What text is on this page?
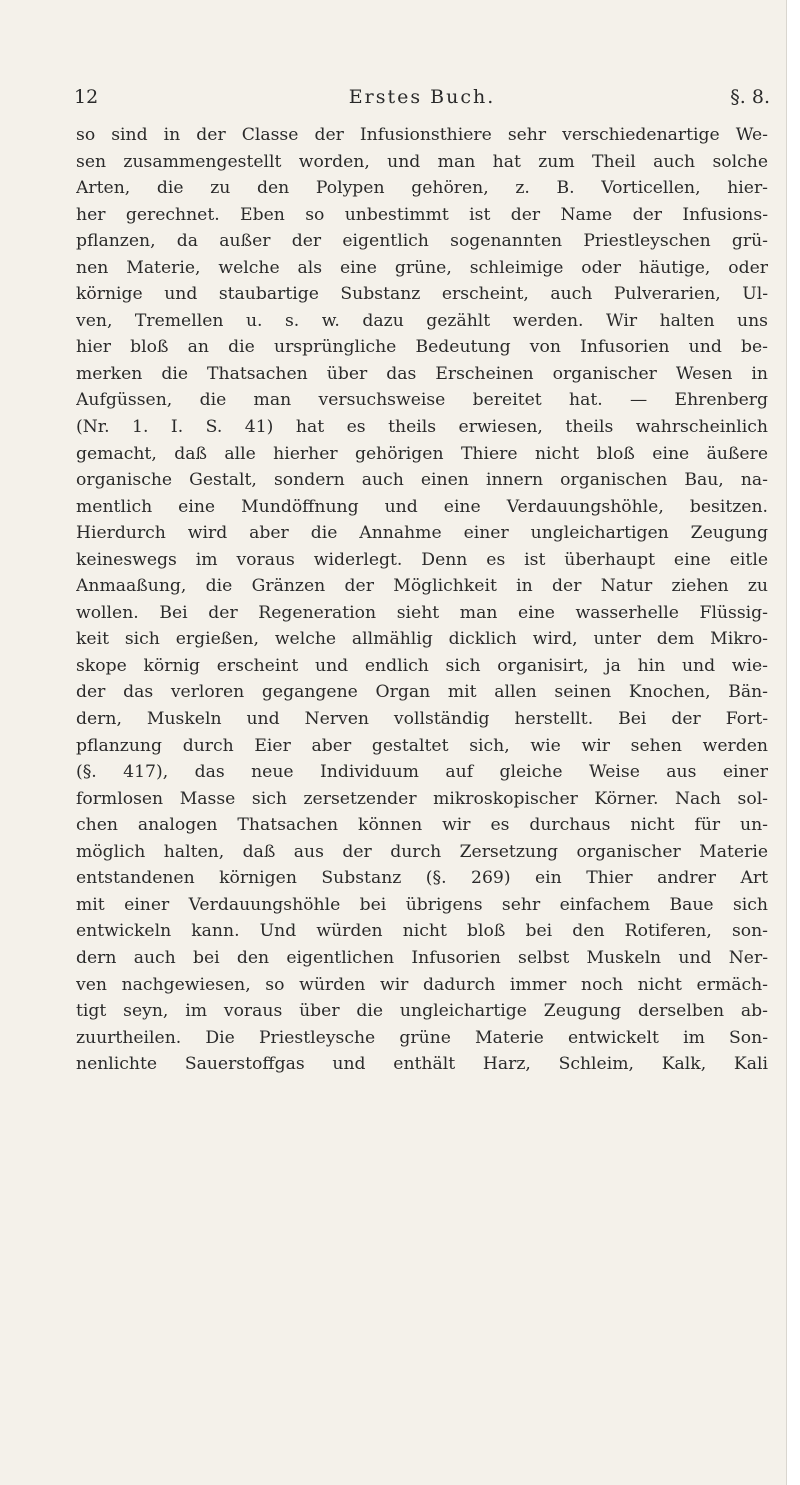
12	Erstes Buch.	§. 8.
so sind in der Classe der Infusionsthiere sehr verschiedenartige We-
sen zusammengestellt worden, und man hat zum Theil auch solche
Arten, die zu den Polypen gehören, z. B. Vorticellen, hier-
her gerechnet. Eben so unbestimmt ist der Name der Infusions-
pflanzen, da außer der eigentlich sogenannten Priestleyschen grü-
nen Materie, welche als eine grüne, schleimige oder häutige, oder
körnige und staubartige Substanz erscheint, auch Pulverarien, Ul-
ven, Tremellen u. s. w. dazu gezählt werden. Wir halten uns
hier bloß an die ursprüngliche Bedeutung von Infusorien und be-
merken die Thatsachen über das Erscheinen organischer Wesen in
Aufgüssen, die man versuchsweise bereitet hat. — Ehrenberg
(Nr. 1. I. S. 41) hat es theils erwiesen, theils wahrscheinlich
gemacht, daß alle hierher gehörigen Thiere nicht bloß eine äußere
organische Gestalt, sondern auch einen innern organischen Bau, na-
mentlich eine Mundöffnung und eine Verdauungshöhle, besitzen.
Hierdurch wird aber die Annahme einer ungleichartigen Zeugung
keineswegs im voraus widerlegt. Denn es ist überhaupt eine eitle
Anmaaßung, die Gränzen der Möglichkeit in der Natur ziehen zu
wollen. Bei der Regeneration sieht man eine wasserhelle Flüssig-
keit sich ergießen, welche allmählig dicklich wird, unter dem Mikro-
skope körnig erscheint und endlich sich organisirt, ja hin und wie-
der das verloren gegangene Organ mit allen seinen Knochen, Bän-
dern, Muskeln und Nerven vollständig herstellt. Bei der Fort-
pflanzung durch Eier aber gestaltet sich, wie wir sehen werden
(§. 417), das neue Individuum auf gleiche Weise aus einer
formlosen Masse sich zersetzender mikroskopischer Körner. Nach sol-
chen analogen Thatsachen können wir es durchaus nicht für un-
möglich halten, daß aus der durch Zersetzung organischer Materie
entstandenen körnigen Substanz (§. 269) ein Thier andrer Art
mit einer Verdauungshöhle bei übrigens sehr einfachem Baue sich
entwickeln kann. Und würden nicht bloß bei den Rotiferen, son-
dern auch bei den eigentlichen Infusorien selbst Muskeln und Ner-
ven nachgewiesen, so würden wir dadurch immer noch nicht ermäch-
tigt seyn, im voraus über die ungleichartige Zeugung derselben ab-
zuurtheilen. Die Priestleysche grüne Materie entwickelt im Son-
nenlichte Sauerstoffgas und enthält Harz, Schleim, Kalk, Kali
